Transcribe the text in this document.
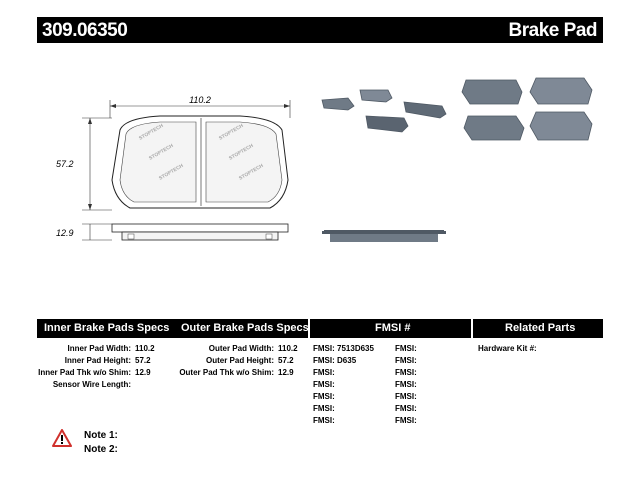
309.06350	Brake Pad
110.2
57.2
STOPTECH
STOPTECH
STOPTECH
STOPTECH
STOPTECH
STOPTECH
12.9
Inner Brake Pads Specs Outer Brake Pads Specs	FMSI #	Related Parts
Inner Pad Width: 110.2
Inner Pad Height: 57.2
Inner Pad Thk w/o Shim: 12.9
Sensor Wire Length:
Outer Pad Width: 110.2
Outer Pad Height: 57.2
Outer Pad Thk w/o Shim: 12.9
FMSI: 7513D635
FMSI: D635
FMSI:
FMSI:
FMSI:
FMSI:
FMSI:
FMSI:
FMSI:
FMSI:
FMSI:
FMSI:
FMSI:
FMSI:
Hardware Kit #:
Note 1:
Note 2:
